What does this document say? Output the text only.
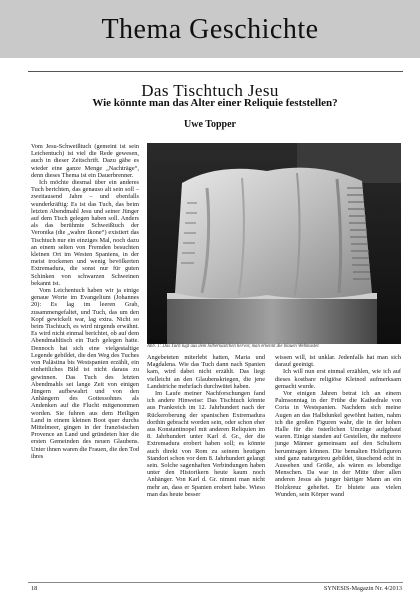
Thema Geschichte
Das Tischtuch Jesu
Wie könnte man das Alter einer Reliquie feststellen?
Uwe Topper

Vom Jesu-Schweißtuch (gemeint ist sein Leichentuch) ist viel die Rede gewesen, auch in dieser Zeitschrift. Dazu gäbe es wieder eine ganze Menge „Nachträge“, denn dieses Thema ist ein Dauerbrenner.

Ich möchte diesmal über ein anderes Tuch berichten, das genauso alt sein soll – zweitausend Jahre – und ebenfalls wunderkräftig: Es ist das Tuch, das beim letzten Abendmahl Jesu und seiner Jünger auf dem Tisch gelegen haben soll. Anders als das berühmte Schweißtuch der Veronika (die „wahre Ikone“) existiert das Tischtuch nur ein einziges Mal, noch dazu an einem selten von Fremden besuchten kleinen Ort im Westen Spaniens, in der meist trockenen und wenig bevölkerten Extremadura, die sonst nur für guten Schinken von schwarzen Schweinen bekannt ist.

Vom Leichentuch haben wir ja einige genaue Worte im Evangelium (Johannes 20): Es lag im leeren Grab, zusammengefaltet, und Tuch, das um den Kopf gewickelt war, lag extra. Nicht so beim Tischtuch, es wird nirgends erwähnt. Es wird nicht einmal berichtet, ob auf dem Abendmahltisch ein Tuch gelegen hatte. Dennoch hat sich eine vielgestaltige Legende gebildet, die den Weg des Tuches von Palästina bis Westspanien erzählt, ein einheitliches Bild ist nicht daraus zu gewinnen. Das Tuch des letzten Abendmahls sei lange Zeit von einigen Jüngern aufbewahrt und von den Anhängern des Gottessohnes als Andenken auf die Flucht mitgenommen worden. Sie fuhren aus dem Heiligen Land in einem kleinen Boot quer durchs Mittelmeer, gingen in der französischen Provence an Land und gründeten hier die ersten Gemeinden des neuen Glaubens. Unter ihnen waren die Frauen, die den Tod ihres

Abb. 1: Das Tuch lugt aus dem Silberkästchen hervor, man erkennt die blauen Webmuster.

Angebeteten miterlebt hatten, Maria und Magdalena. Wie das Tuch dann nach Spanien kam, wird dabei nicht erzählt. Das liegt vielleicht an den Glaubenskriegen, die jene Landstriche mehrfach durchwütet haben.

Im Laufe meiner Nachforschungen fand ich andere Hinweise: Das Tischtuch könnte aus Frankreich im 12. Jahrhundert nach der Rückeroberung der spanischen Extremadura dorthin gebracht worden sein, oder schon eher aus Konstantinopel mit anderen Reliquien im 8. Jahrhundert unter Karl d. Gr., der die Extremadura erobert haben soll; es könnte auch direkt von Rom zu seinem heutigen Standort schon vor dem 8. Jahrhundert gelangt sein. Solche sagenhaften Verbindungen haben unter den Historikern heute kaum noch Anhänger. Von Karl d. Gr. nimmt man nicht mehr an, dass er Spanien erobert habe. Wieso man das heute besser

wissen will, ist unklar. Jedenfalls hat man sich darauf geeinigt.

Ich will nun erst einmal erzählen, wie ich auf dieses kostbare religiöse Kleinod aufmerksam gemacht wurde.

Vor einigen Jahren betrat ich an einem Palmsonntag in der Frühe die Kathedrale von Coria in Westspanien. Nachdem sich meine Augen an das Halbdunkel gewöhnt hatten, nahm ich die großen Figuren wahr, die in der hohen Halle für die österlichen Umzüge aufgebaut waren. Einige standen auf Gestellen, die mehrere junge Männer gemeinsam auf den Schultern herumtragen können. Die bemalten Holzfiguren sind ganz naturgetreu gebildet, täuschend echt in Aussehen und Größe, als wären es lebendige Menschen. Da war in der Mitte über allen anderen Jesus als junger bärtiger Mann an ein Holzkreuz geheftet. Er blutete aus vielen Wunden, sein Körper wand

18	SYNESIS-Magazin Nr. 4/2013
